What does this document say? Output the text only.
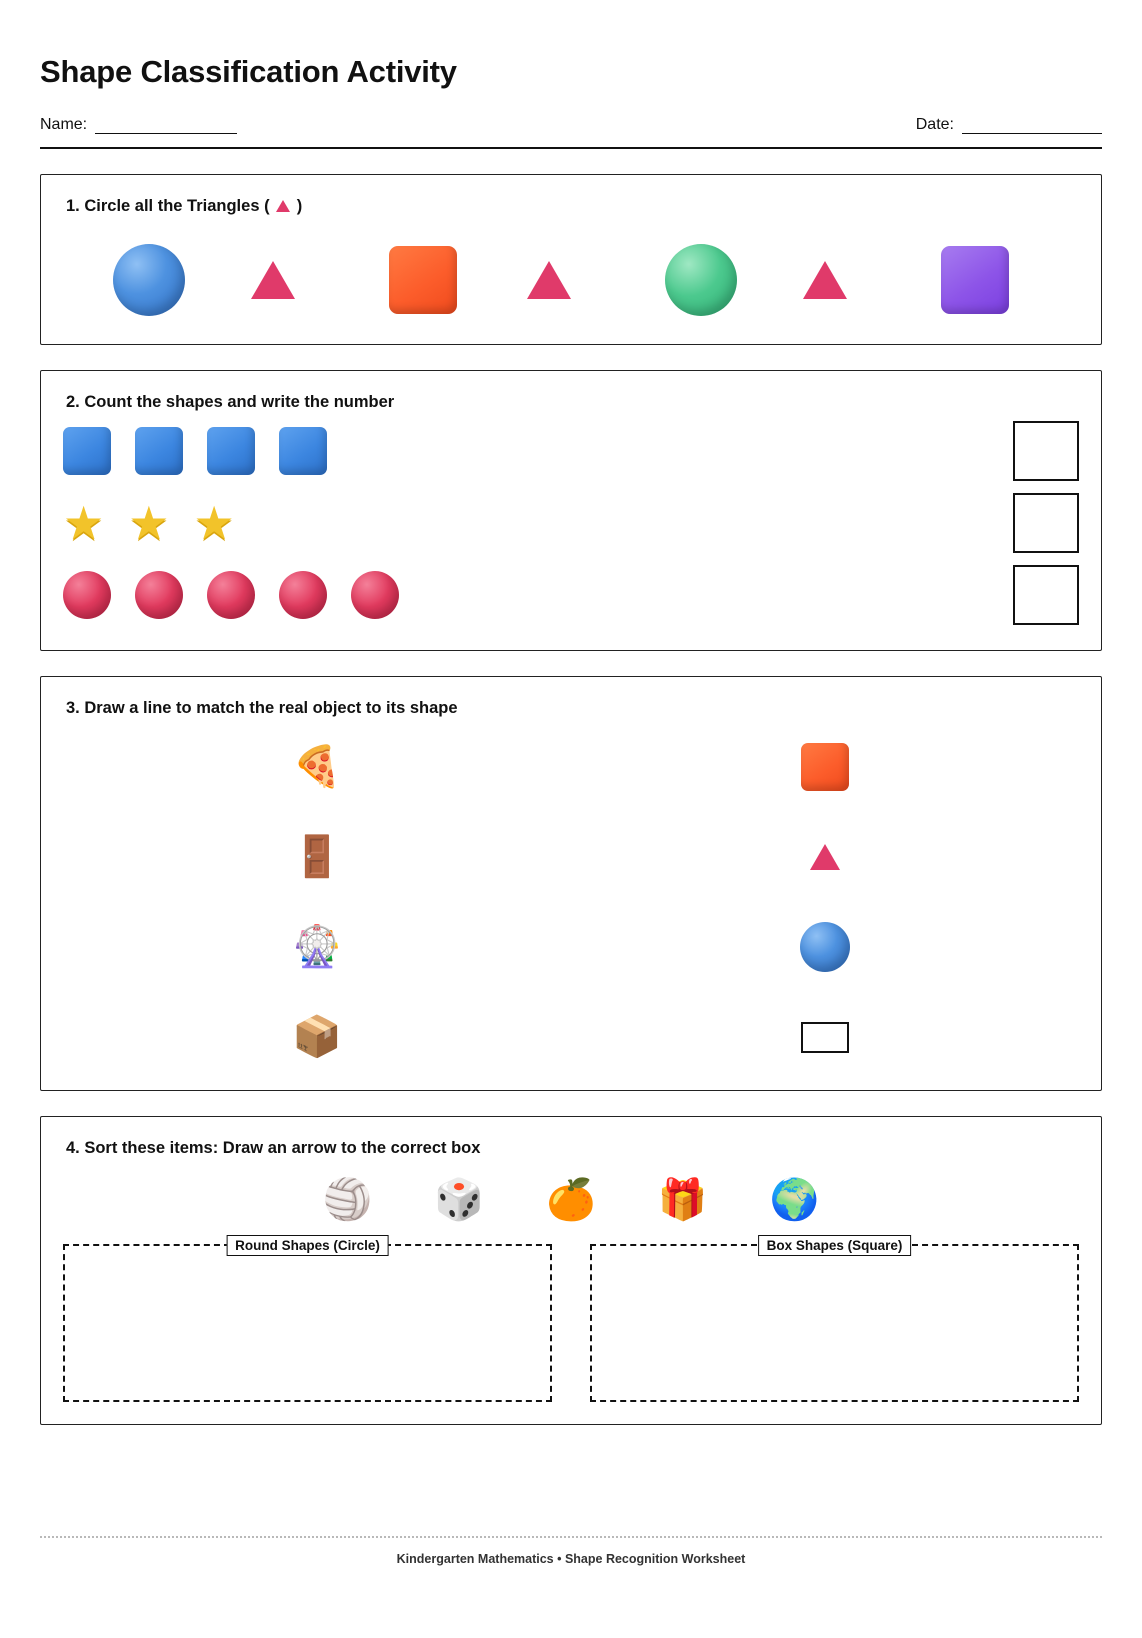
Shape Classification Activity
Name:	Date:
1. Circle all the Triangles ( )
2. Count the shapes and write the number
★ ★ ★
3. Draw a line to match the real object to its shape
🍕
🚪
🎡
📦
4. Sort these items: Draw an arrow to the correct box
🏐 🎲 🍊 🎁 🌍
Round Shapes (Circle)	Box Shapes (Square)
Kindergarten Mathematics • Shape Recognition Worksheet
